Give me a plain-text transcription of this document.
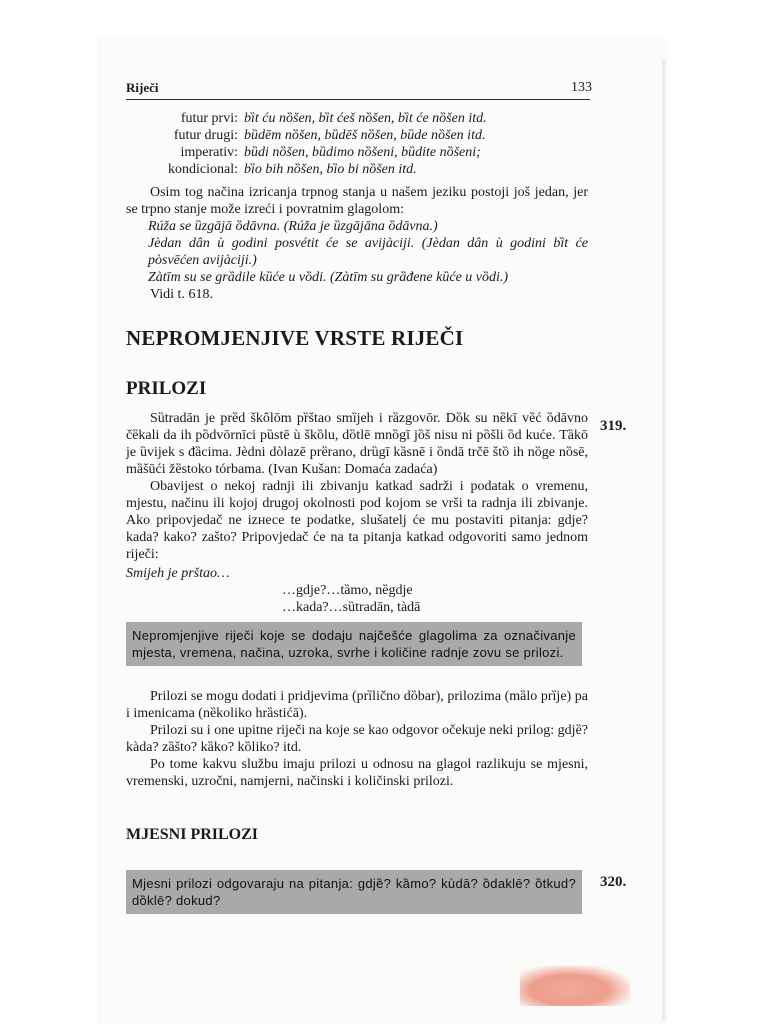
Riječi	133
futur prvi: bȉt ću nȍšen, bȉt ćeš nȍšen, bȉt će nȍšen itd.
futur drugi: bȕdēm nȍšen, bȕdēš nȍšen, bȕde nȍšen itd.
imperativ: bȕdi nȍšen, bȕdimo nȍšeni, bȕdite nȍšeni;
kondicional: bȉo bih nȍšen, bȉo bi nȍšen itd.

Osim tog načina izricanja trpnog stanja u našem jeziku postoji još jedan, jer se trpno stanje može izreći i povratnim glagolom:

Rúža se ȕzgājā ȍdāvna. (Rúža je ȕzgājāna ȍdāvna.)

Jèdan dân ù godini posvétit će se avijàciji. (Jèdan dân ù godini bȉt će pòsvēćen avijàciji.)

Zàtīm su se grȁdile kȕće u vȍdi. (Zàtīm su grȁđene kȕće u vȍdi.)

Vidi t. 618.

NEPROMJENJIVE VRSTE RIJEČI
PRILOZI
319.

Sȕtradān je prȅd škȏlōm pȑštao smȉjeh i rȁzgovōr. Dȍk su nȅkī vȅć ȍdāvno čȅkali da ih pȍdvōrnīci pȕstē ù škȍlu, dȍtlē mnȍgī jȍš nisu ni pȍšli ȍd kuće. Tȁkō je ȕvijek s đȁcima. Jèdni dòlazē prȅrano, drȕgī kȁsnē i ȍndā trčē štȍ ih nȍge nȍsē, mȁšūći žȅstoko tórbama. (Ivan Kušan: Domaća zadaća)

Obavijest o nekoj radnji ili zbivanju katkad sadrži i podatak o vremenu, mjestu, načinu ili kojoj drugoj okolnosti pod kojom se vrši ta radnja ili zbivanje. Ako pripovjedač ne izнесе te podatke, slušatelj će mu postaviti pitanja: gdje? kada? kako? zašto? Pripovjedač će na ta pitanja katkad odgovoriti samo jednom riječi:

Smijeh je prštao…
…gdje?…tȁmo, nȅgdje
…kada?…sȕtradān, tàdā
Nepromjenjive riječi koje se dodaju najčešće glagolima za označivanje mjesta, vremena, načina, uzroka, svrhe i količine radnje zovu se prilozi.

Prilozi se mogu dodati i pridjevima (prȉlično dȍbar), prilozima (mȁlo prȉje) pa i imenicama (nȅkoliko hrȁstićā).

Prilozi su i one upitne riječi na koje se kao odgovor očekuje neki prilog: gdjȅ? kàda? zȁšto? kȁko? kȍliko? itd.

Po tome kakvu službu imaju prilozi u odnosu na glagol razlikuju se mjesni, vremenski, uzročni, namjerni, načinski i količinski prilozi.

MJESNI PRILOZI
Mjesni prilozi odgovaraju na pitanja: gdjȅ? kȁmo? kùdā? ȍdaklē? ȍtkud? dȍklē? dokud?
320.
